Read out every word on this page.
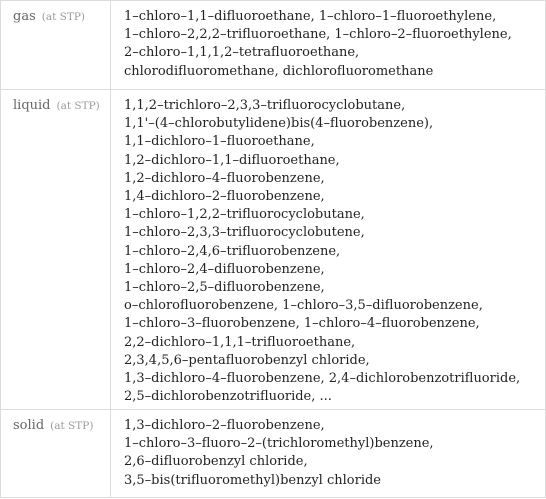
gas (at STP)	1–chloro–1,1–difluoroethane, 1–chloro–1–fluoroethylene,
1–chloro–2,2,2–trifluoroethane, 1–chloro–2–fluoroethylene,
2–chloro–1,1,1,2–tetrafluoroethane,
chlorodifluoromethane, dichlorofluoromethane
liquid (at STP)	1,1,2–trichloro–2,3,3–trifluorocyclobutane,
1,1'–(4–chlorobutylidene)bis(4–fluorobenzene),
1,1–dichloro–1–fluoroethane,
1,2–dichloro–1,1–difluoroethane,
1,2–dichloro–4–fluorobenzene,
1,4–dichloro–2–fluorobenzene,
1–chloro–1,2,2–trifluorocyclobutane,
1–chloro–2,3,3–trifluorocyclobutene,
1–chloro–2,4,6–trifluorobenzene,
1–chloro–2,4–difluorobenzene,
1–chloro–2,5–difluorobenzene,
o–chlorofluorobenzene, 1–chloro–3,5–difluorobenzene,
1–chloro–3–fluorobenzene, 1–chloro–4–fluorobenzene,
2,2–dichloro–1,1,1–trifluoroethane,
2,3,4,5,6–pentafluorobenzyl chloride,
1,3–dichloro–4–fluorobenzene, 2,4–dichlorobenzotrifluoride,
2,5–dichlorobenzotrifluoride, ...
solid (at STP)	1,3–dichloro–2–fluorobenzene,
1–chloro–3–fluoro–2–(trichloromethyl)benzene,
2,6–difluorobenzyl chloride,
3,5–bis(trifluoromethyl)benzyl chloride
